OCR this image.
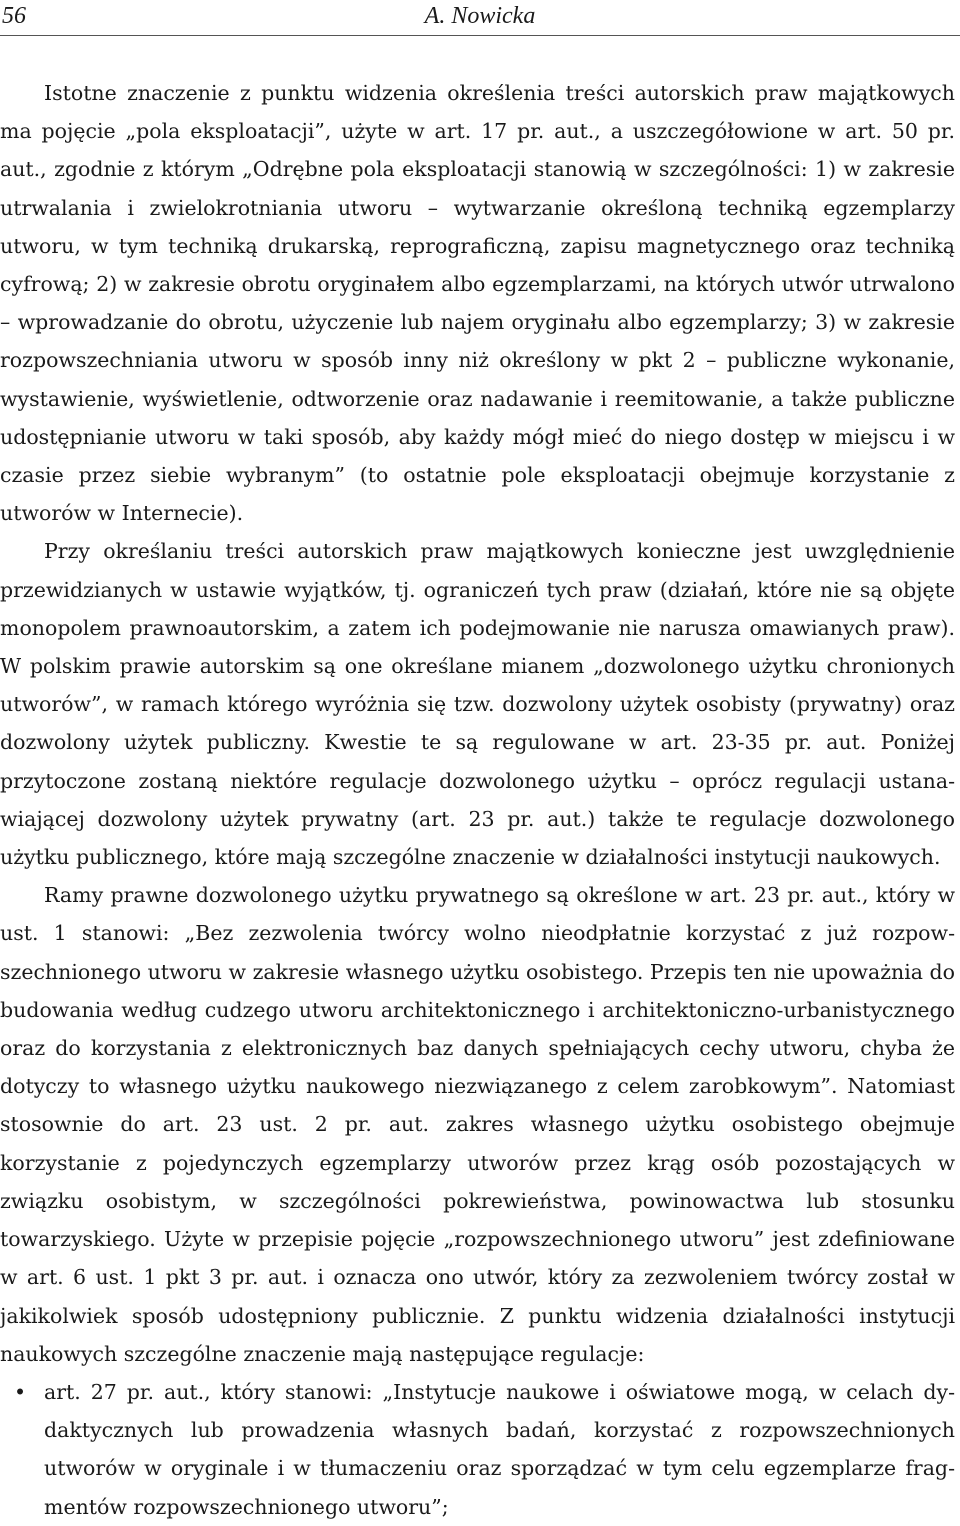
56	A. Nowicka

Istotne znaczenie z punktu widzenia określenia treści autorskich praw majątkowych ma pojęcie „pola eksploatacji”, użyte w art. 17 pr. aut., a uszczegółowione w art. 50 pr. aut., zgodnie z którym „Odrębne pola eksploatacji stanowią w szczególności: 1) w zakresie utrwalania i zwielokrotniania utworu – wytwarzanie określoną techniką egzemplarzy utworu, w tym techniką drukarską, reprograficzną, zapisu magnetycznego oraz techniką cyfrową; 2) w zakresie obrotu oryginałem albo egzemplarzami, na których utwór utrwalono – wprowadzanie do obrotu, użyczenie lub najem oryginału albo egzemplarzy; 3) w zakresie rozpowszechniania utworu w sposób inny niż określony w pkt 2 – publiczne wykonanie, wystawienie, wyświetlenie, odtworzenie oraz nadawanie i reemitowanie, a także publiczne udostępnianie utworu w taki sposób, aby każdy mógł mieć do niego dostęp w miejscu i w czasie przez siebie wybranym” (to ostatnie pole eksploatacji obejmuje korzystanie z utworów w Internecie).

Przy określaniu treści autorskich praw majątkowych konieczne jest uwzględnienie przewidzianych w ustawie wyjątków, tj. ograniczeń tych praw (działań, które nie są objęte monopolem prawnoautorskim, a zatem ich podejmowanie nie narusza omawianych praw). W polskim prawie autorskim są one określane mianem „dozwolonego użytku chronionych utworów”, w ramach którego wyróżnia się tzw. dozwolony użytek osobisty (prywatny) oraz dozwolony użytek publiczny. Kwestie te są regulowane w art. 23-35 pr. aut. Poniżej przytoczone zostaną niektóre regulacje dozwolonego użytku – oprócz regulacji ustanawiającej dozwolony użytek prywatny (art. 23 pr. aut.) także te regulacje dozwolonego użytku publicznego, które mają szczególne znaczenie w działalności instytucji naukowych.

Ramy prawne dozwolonego użytku prywatnego są określone w art. 23 pr. aut., który w ust. 1 stanowi: „Bez zezwolenia twórcy wolno nieodpłatnie korzystać z już rozpowszechnionego utworu w zakresie własnego użytku osobistego. Przepis ten nie upoważnia do budowania według cudzego utworu architektonicznego i architektoniczno-urbanistycznego oraz do korzystania z elektronicznych baz danych spełniających cechy utworu, chyba że dotyczy to własnego użytku naukowego niezwiązanego z celem zarobkowym”. Natomiast stosownie do art. 23 ust. 2 pr. aut. zakres własnego użytku osobistego obejmuje korzystanie z pojedynczych egzemplarzy utworów przez krąg osób pozostających w związku osobistym, w szczególności pokrewieństwa, powinowactwa lub stosunku towarzyskiego. Użyte w przepisie pojęcie „rozpowszechnionego utworu” jest zdefiniowane w art. 6 ust. 1 pkt 3 pr. aut. i oznacza ono utwór, który za zezwoleniem twórcy został w jakikolwiek sposób udostępniony publicznie. Z punktu widzenia działalności instytucji naukowych szczególne znaczenie mają następujące regulacje:

• art. 27 pr. aut., który stanowi: „Instytucje naukowe i oświatowe mogą, w celach dydaktycznych lub prowadzenia własnych badań, korzystać z rozpowszechnionych utworów w oryginale i w tłumaczeniu oraz sporządzać w tym celu egzemplarze fragmentów rozpowszechnionego utworu”;
